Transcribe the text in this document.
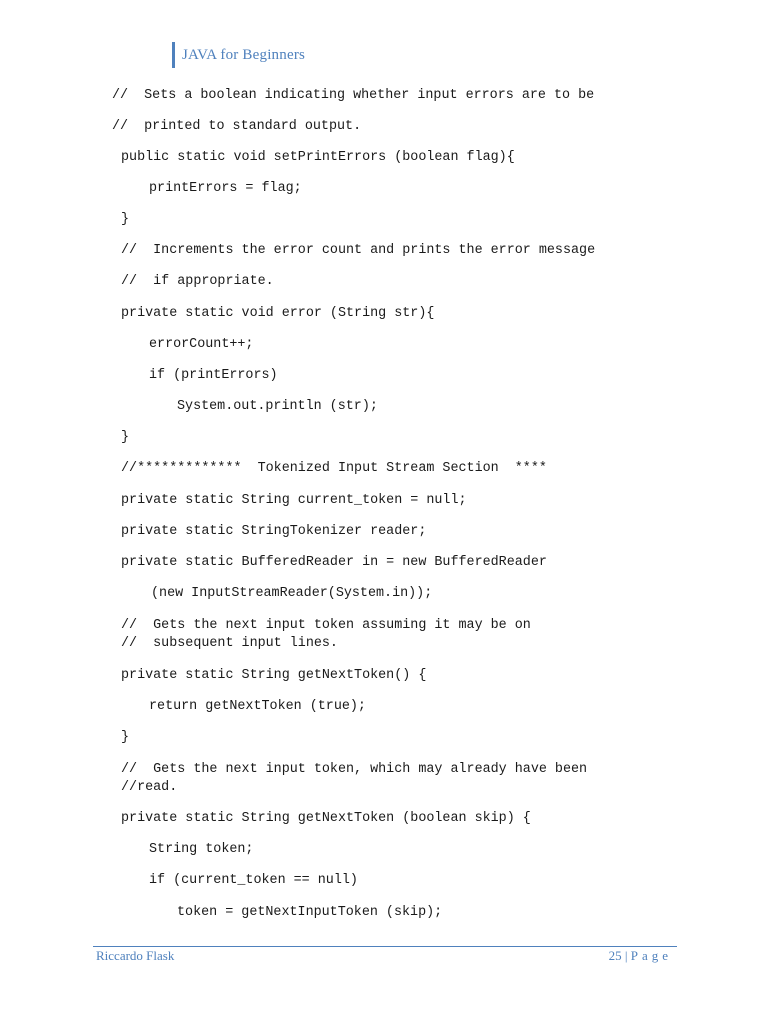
JAVA for Beginners
//  Sets a boolean indicating whether input errors are to be
//  printed to standard output.
public static void setPrintErrors (boolean flag){
printErrors = flag;
}
//  Increments the error count and prints the error message
//  if appropriate.
private static void error (String str){
errorCount++;
if (printErrors)
System.out.println (str);
}
//*************  Tokenized Input Stream Section  ****
private static String current_token = null;
private static StringTokenizer reader;
private static BufferedReader in = new BufferedReader
(new InputStreamReader(System.in));
//  Gets the next input token assuming it may be on
//  subsequent input lines.
private static String getNextToken() {
return getNextToken (true);
}
//  Gets the next input token, which may already have been
//read.
private static String getNextToken (boolean skip) {
String token;
if (current_token == null)
token = getNextInputToken (skip);
Riccardo Flask	25 | Page
